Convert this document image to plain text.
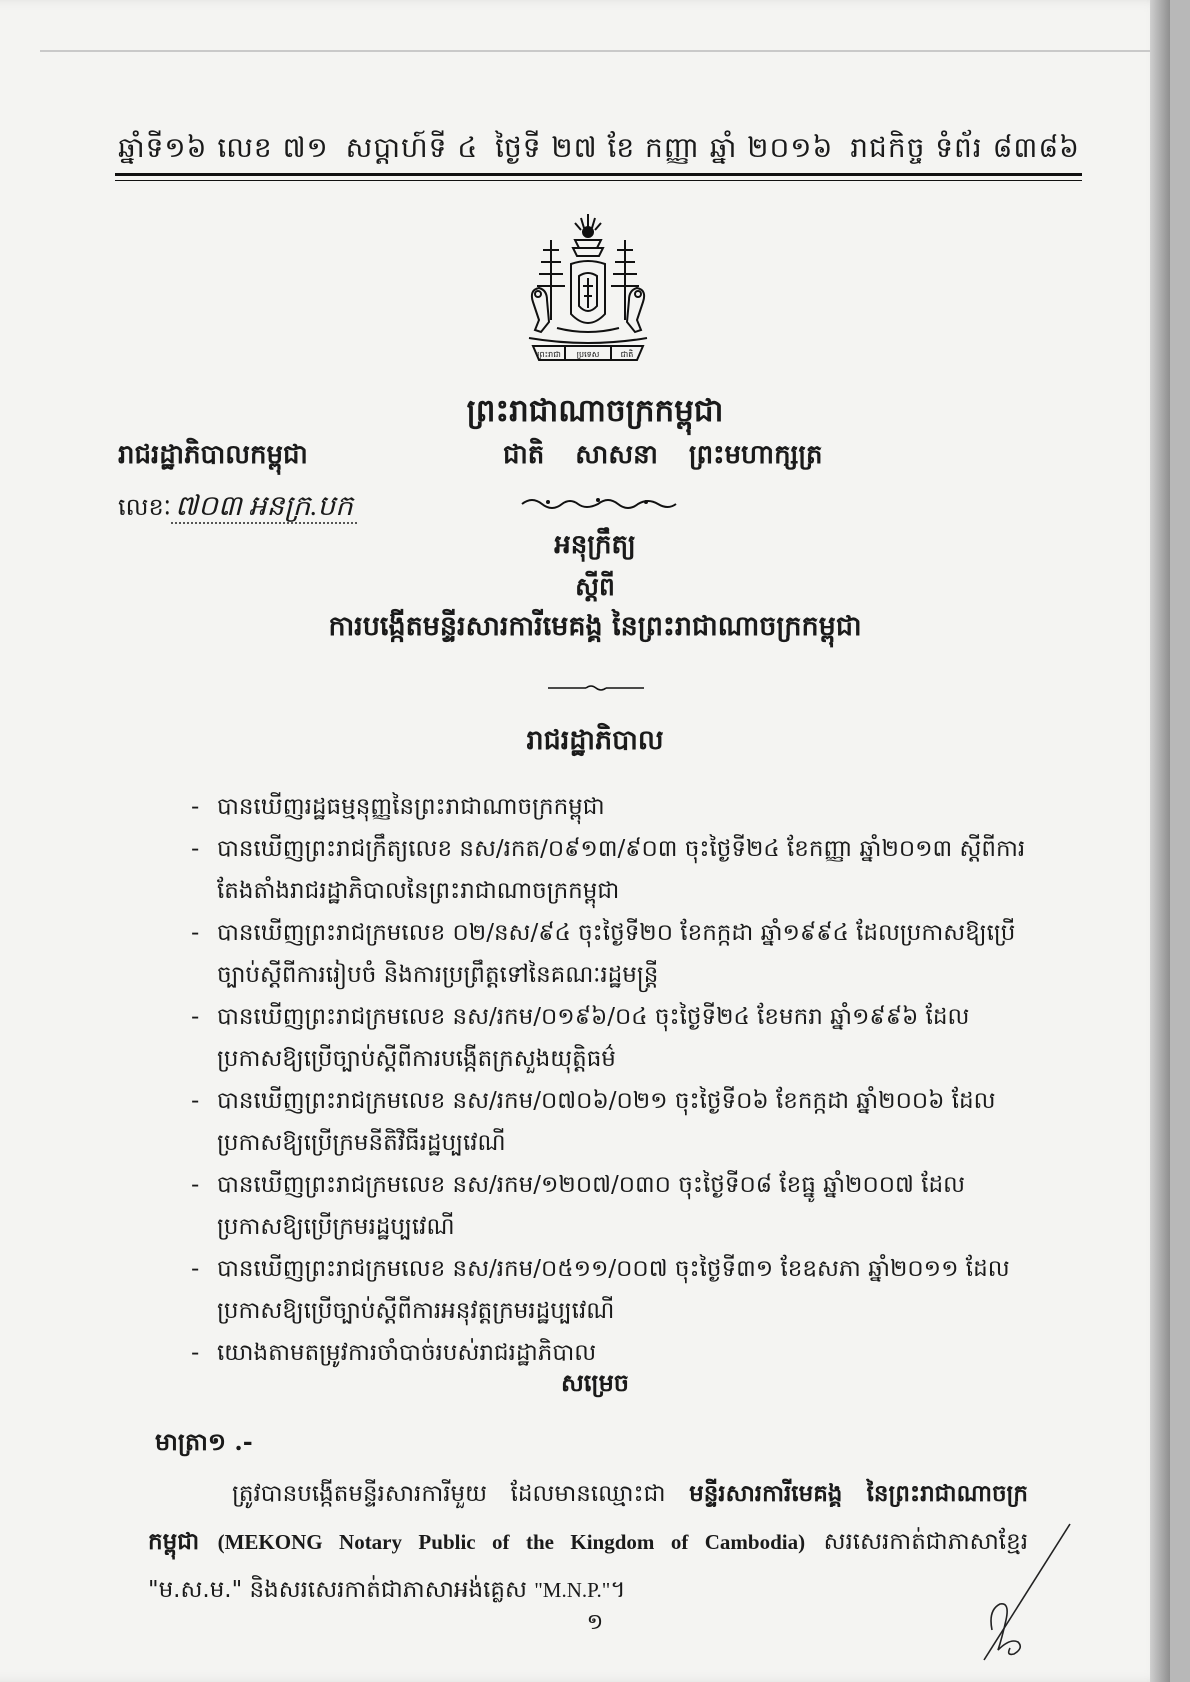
ឆ្នាំទី១៦ លេខ ៧១ សប្ដាហ៍ទី ៤ ថ្ងៃទី ២៧ ខែ កញ្ញា ឆ្នាំ ២០១៦ រាជកិច្ច ទំព័រ ៨៣៨៦
ព្រះរាជា ប្រទេស	ជាតិ
ព្រះរាជាណាចក្រកម្ពុជា
រាជរដ្ឋាភិបាលកម្ពុជា	ជាតិ សាសនា ព្រះមហាក្សត្រ
លេខៈ ៧០៣ អនក្រ.បក
អនុក្រឹត្យ
ស្ដីពី
ការបង្កើតមន្ទីរសារការីមេគង្គ នៃព្រះរាជាណាចក្រកម្ពុជា
រាជរដ្ឋាភិបាល
- បានឃើញរដ្ឋធម្មនុញ្ញនៃព្រះរាជាណាចក្រកម្ពុជា
- បានឃើញព្រះរាជក្រឹត្យលេខ នស/រកត/០៩១៣/៩០៣ ចុះថ្ងៃទី២៤ ខែកញ្ញា ឆ្នាំ២០១៣ ស្ដីពីការតែងតាំងរាជរដ្ឋាភិបាលនៃព្រះរាជាណាចក្រកម្ពុជា
- បានឃើញព្រះរាជក្រមលេខ ០២/នស/៩៤ ចុះថ្ងៃទី២០ ខែកក្កដា ឆ្នាំ១៩៩៤ ដែលប្រកាសឱ្យប្រើច្បាប់ស្ដីពីការរៀបចំ និងការប្រព្រឹត្តទៅនៃគណៈរដ្ឋមន្ត្រី
- បានឃើញព្រះរាជក្រមលេខ នស/រកម/០១៩៦/០៤ ចុះថ្ងៃទី២៤ ខែមករា ឆ្នាំ១៩៩៦ ដែលប្រកាសឱ្យប្រើច្បាប់ស្ដីពីការបង្កើតក្រសួងយុត្តិធម៌
- បានឃើញព្រះរាជក្រមលេខ នស/រកម/០៧០៦/០២១ ចុះថ្ងៃទី០៦ ខែកក្កដា ឆ្នាំ២០០៦ ដែលប្រកាសឱ្យប្រើក្រមនីតិវិធីរដ្ឋប្បវេណី
- បានឃើញព្រះរាជក្រមលេខ នស/រកម/១២០៧/០៣០ ចុះថ្ងៃទី០៨ ខែធ្នូ ឆ្នាំ២០០៧ ដែលប្រកាសឱ្យប្រើក្រមរដ្ឋប្បវេណី
- បានឃើញព្រះរាជក្រមលេខ នស/រកម/០៥១១/០០៧ ចុះថ្ងៃទី៣១ ខែឧសភា ឆ្នាំ២០១១ ដែលប្រកាសឱ្យប្រើច្បាប់ស្ដីពីការអនុវត្តក្រមរដ្ឋប្បវេណី
- យោងតាមតម្រូវការចាំបាច់របស់រាជរដ្ឋាភិបាល
សម្រេច
មាត្រា១ .-
ត្រូវបានបង្កើតមន្ទីរសារការីមួយ ដែលមានឈ្មោះជា មន្ទីរសារការីមេគង្គ នៃព្រះរាជាណាចក្រកម្ពុជា (MEKONG Notary Public of the Kingdom of Cambodia) សរសេរកាត់ជាភាសាខ្មែរ "ម.ស.ម." និងសរសេរកាត់ជាភាសាអង់គ្លេស "M.N.P."។
១
